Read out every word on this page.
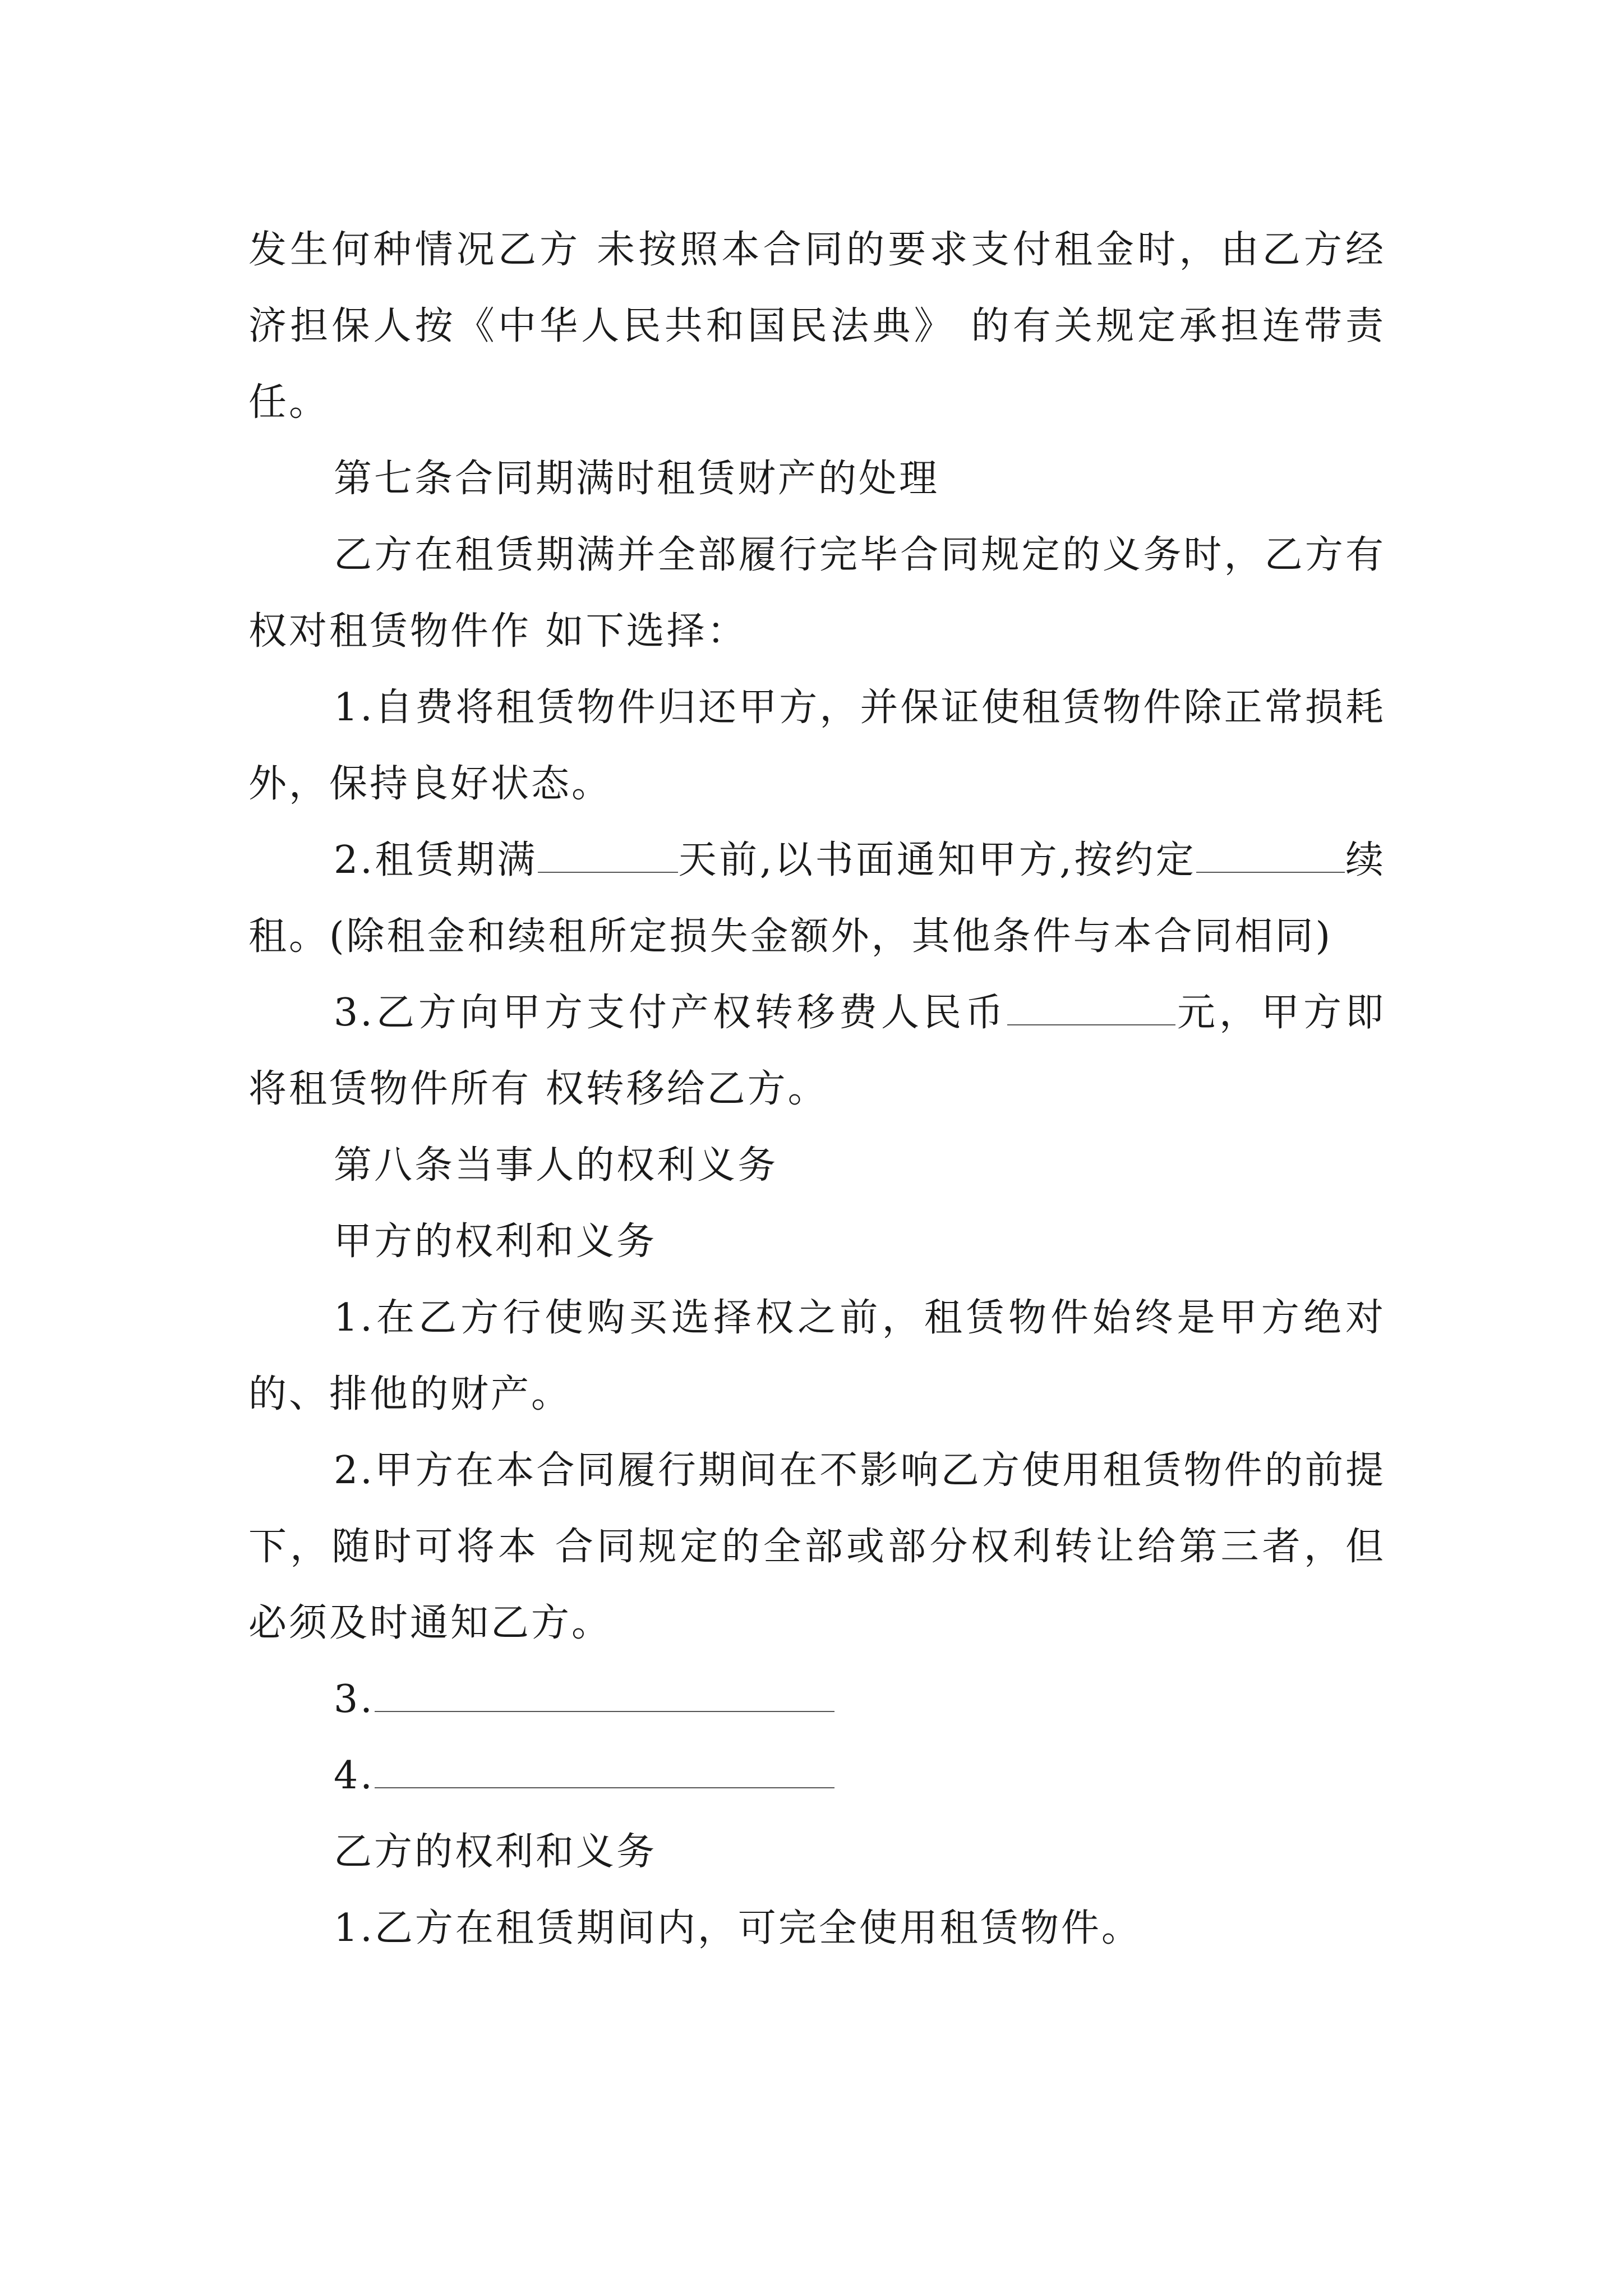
发生何种情况乙方 未按照本合同的要求支付租金时，由乙方经济担保人按《中华人民共和国民法典》 的有关规定承担连带责任。

第七条合同期满时租赁财产的处理

乙方在租赁期满并全部履行完毕合同规定的义务时，乙方有权对租赁物件作 如下选择：

1.自费将租赁物件归还甲方，并保证使租赁物件除正常损耗外，保持良好状态。

2.租赁期满	天前,以书面通知甲方,按约定	续租。(除租金和续租所定损失金额外，其他条件与本合同相同)

3.乙方向甲方支付产权转移费人民币	元，甲方即将租赁物件所有 权转移给乙方。

第八条当事人的权利义务

甲方的权利和义务

1.在乙方行使购买选择权之前，租赁物件始终是甲方绝对的、排他的财产。

2.甲方在本合同履行期间在不影响乙方使用租赁物件的前提下，随时可将本 合同规定的全部或部分权利转让给第三者，但必须及时通知乙方。

3.

4.

乙方的权利和义务

1.乙方在租赁期间内，可完全使用租赁物件。
